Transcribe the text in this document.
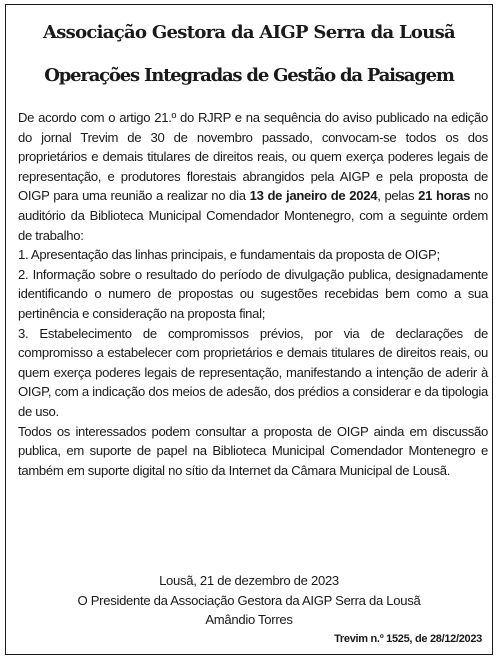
Associação Gestora da AIGP Serra da Lousã
Operações Integradas de Gestão da Paisagem

De acordo com o artigo 21.º do RJRP e na sequência do aviso publicado na edição do jornal Trevim de 30 de novembro passado, convocam-se todos os dos proprietários e demais titulares de direitos reais, ou quem exerça poderes legais de representação, e produtores florestais abrangidos pela AIGP e pela proposta de OIGP para uma reunião a realizar no dia 13 de janeiro de 2024, pelas 21 horas no auditório da Biblioteca Municipal Comendador Montenegro, com a seguinte ordem de trabalho:

1. Apresentação das linhas principais, e fundamentais da proposta de OIGP;

2. Informação sobre o resultado do período de divulgação publica, designadamente identificando o numero de propostas ou sugestões recebidas bem como a sua pertinência e consideração na proposta final;

3. Estabelecimento de compromissos prévios, por via de declarações de compromisso a estabelecer com proprietários e demais titulares de direitos reais, ou quem exerça poderes legais de representação, manifestando a intenção de aderir à OIGP, com a indicação dos meios de adesão, dos prédios a considerar e da tipologia de uso.

Todos os interessados podem consultar a proposta de OIGP ainda em discussão publica, em suporte de papel na Biblioteca Municipal Comendador Montenegro e também em suporte digital no sítio da Internet da Câmara Municipal de Lousã.

Lousã, 21 de dezembro de 2023
O Presidente da Associação Gestora da AIGP Serra da Lousã
Amândio Torres
Trevim n.º 1525, de 28/12/2023
